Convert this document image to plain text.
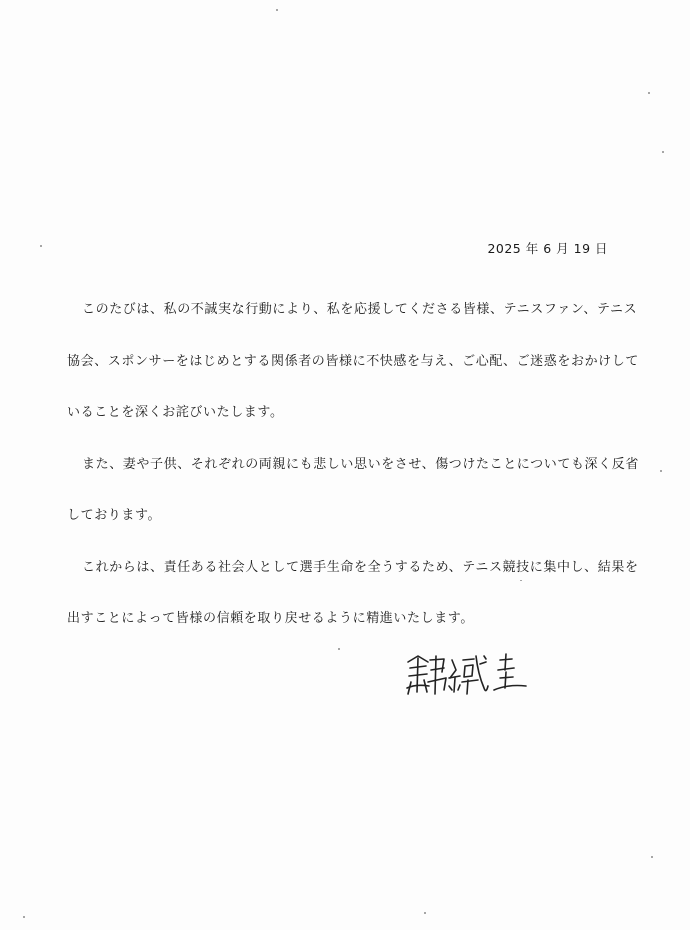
2025 年 6 月 19 日
このたびは、私の不誠実な行動により、私を応援してくださる皆様、テニスファン、テニス
協会、スポンサーをはじめとする関係者の皆様に不快感を与え、ご心配、ご迷惑をおかけして
いることを深くお詫びいたします。
また、妻や子供、それぞれの両親にも悲しい思いをさせ、傷つけたことについても深く反省
しております。
これからは、責任ある社会人として選手生命を全うするため、テニス競技に集中し、結果を
出すことによって皆様の信頼を取り戻せるように精進いたします。
